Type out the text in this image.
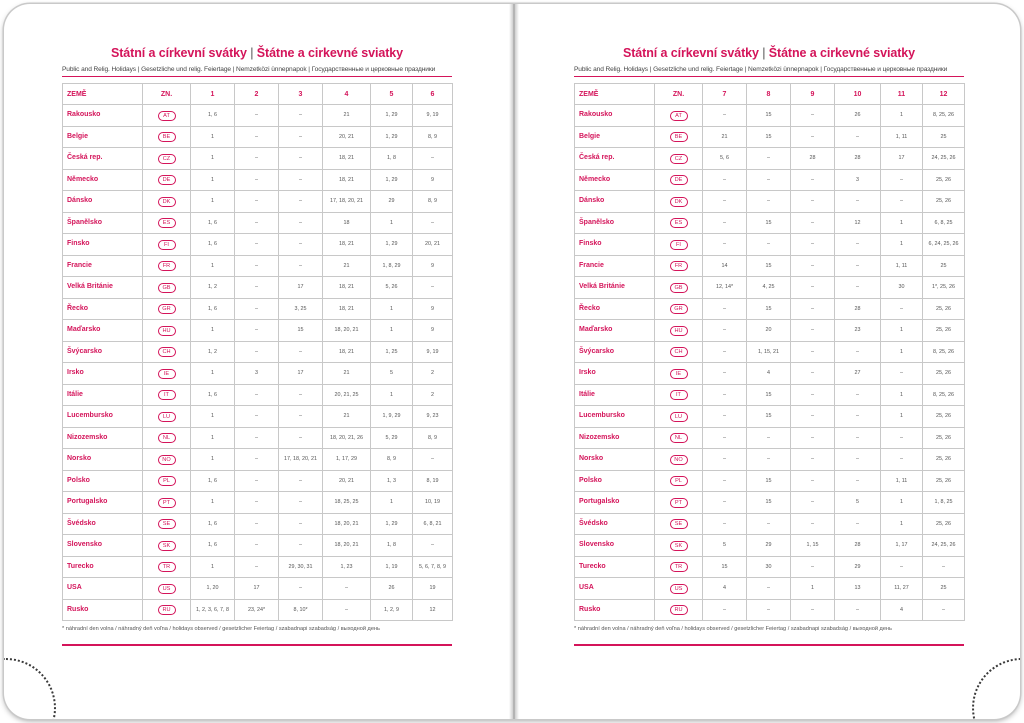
Státní a církevní svátky | Štátne a cirkevné sviatky
Public and Relig. Holidays | Gesetzliche und relig. Feiertage | Nemzetközi ünnepnapok | Государственные и церковные праздники
ZEMĚ	ZN.	1	2	3	4	5	6
Rakousko	AT	1, 6	–	–	21	1, 29	9, 19
Belgie	BE	1	–	–	20, 21	1, 29	8, 9
Česká rep.	CZ	1	–	–	18, 21	1, 8	–
Německo	DE	1	–	–	18, 21	1, 29	9
Dánsko	DK	1	–	–	17, 18, 20, 21	29	8, 9
Španělsko	ES	1, 6	–	–	18	1	–
Finsko	FI	1, 6	–	–	18, 21	1, 29	20, 21
Francie	FR	1	–	–	21	1, 8, 29	9
Velká Británie	GB	1, 2	–	17	18, 21	5, 26	–
Řecko	GR	1, 6	–	3, 25	18, 21	1	9
Maďarsko	HU	1	–	15	18, 20, 21	1	9
Švýcarsko	CH	1, 2	–	–	18, 21	1, 25	9, 19
Irsko	IE	1	3	17	21	5	2
Itálie	IT	1, 6	–	–	20, 21, 25	1	2
Lucembursko	LU	1	–	–	21	1, 9, 29	9, 23
Nizozemsko	NL	1	–	–	18, 20, 21, 26	5, 29	8, 9
Norsko	NO	1	–	17, 18, 20, 21	1, 17, 29	8, 9	–
Polsko	PL	1, 6	–	–	20, 21	1, 3	8, 19
Portugalsko	PT	1	–	–	18, 25, 25	1	10, 19
Švédsko	SE	1, 6	–	–	18, 20, 21	1, 29	6, 8, 21
Slovensko	SK	1, 6	–	–	18, 20, 21	1, 8	–
Turecko	TR	1	–	29, 30, 31	1, 23	1, 19	5, 6, 7, 8, 9
USA	US	1, 20	17	–	–	26	19
Rusko	RU	1, 2, 3, 6, 7, 8	23, 24*	8, 10*	–	1, 2, 9	12
* náhradní den volna / náhradný deň voľna / holidays observed / gesetzlicher Feiertag / szabadnapi szabadság / выходной день
Státní a církevní svátky | Štátne a cirkevné sviatky
Public and Relig. Holidays | Gesetzliche und relig. Feiertage | Nemzetközi ünnepnapok | Государственные и церковные праздники
ZEMĚ	ZN.	7	8	9	10	11	12
Rakousko	AT	–	15	–	26	1	8, 25, 26
Belgie	BE	21	15	–	–	1, 11	25
Česká rep.	CZ	5, 6	–	28	28	17	24, 25, 26
Německo	DE	–	–	–	3	–	25, 26
Dánsko	DK	–	–	–	–	–	25, 26
Španělsko	ES	–	15	–	12	1	6, 8, 25
Finsko	FI	–	–	–	–	1	6, 24, 25, 26
Francie	FR	14	15	–	–	1, 11	25
Velká Británie	GB	12, 14*	4, 25	–	–	30	1*, 25, 26
Řecko	GR	–	15	–	28	–	25, 26
Maďarsko	HU	–	20	–	23	1	25, 26
Švýcarsko	CH	–	1, 15, 21	–	–	1	8, 25, 26
Irsko	IE	–	4	–	27	–	25, 26
Itálie	IT	–	15	–	–	1	8, 25, 26
Lucembursko	LU	–	15	–	–	1	25, 26
Nizozemsko	NL	–	–	–	–	–	25, 26
Norsko	NO	–	–	–	–	–	25, 26
Polsko	PL	–	15	–	–	1, 11	25, 26
Portugalsko	PT	–	15	–	5	1	1, 8, 25
Švédsko	SE	–	–	–	–	1	25, 26
Slovensko	SK	5	29	1, 15	28	1, 17	24, 25, 26
Turecko	TR	15	30	–	29	–	–
USA	US	4	–	1	13	11, 27	25
Rusko	RU	–	–	–	–	4	–
* náhradní den volna / náhradný deň voľna / holidays observed / gesetzlicher Feiertag / szabadnapi szabadság / выходной день
